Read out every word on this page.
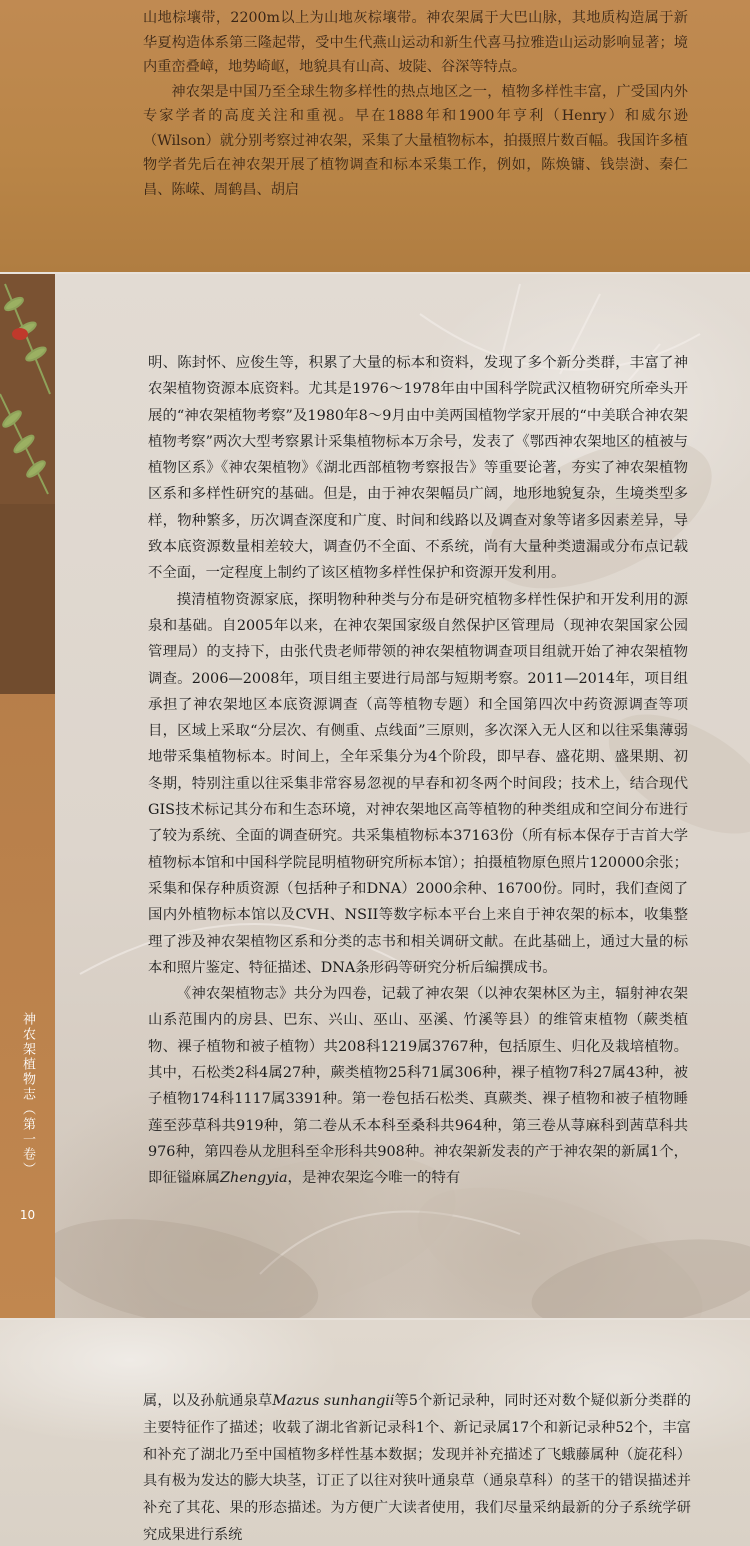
山地棕壤带，2200m以上为山地灰棕壤带。神农架属于大巴山脉，其地质构造属于新华夏构造体系第三隆起带，受中生代燕山运动和新生代喜马拉雅造山运动影响显著；境内重峦叠嶂，地势崎岖，地貌具有山高、坡陡、谷深等特点。

神农架是中国乃至全球生物多样性的热点地区之一，植物多样性丰富，广受国内外专家学者的高度关注和重视。早在1888年和1900年亨利（Henry）和威尔逊（Wilson）就分别考察过神农架，采集了大量植物标本，拍摄照片数百幅。我国许多植物学者先后在神农架开展了植物调查和标本采集工作，例如，陈焕镛、钱崇澍、秦仁昌、陈嵘、周鹤昌、胡启

神农架植物志（第一卷）
10

明、陈封怀、应俊生等，积累了大量的标本和资料，发现了多个新分类群，丰富了神农架植物资源本底资料。尤其是1976～1978年由中国科学院武汉植物研究所牵头开展的“神农架植物考察”及1980年8～9月由中美两国植物学家开展的“中美联合神农架植物考察”两次大型考察累计采集植物标本万余号，发表了《鄂西神农架地区的植被与植物区系》《神农架植物》《湖北西部植物考察报告》等重要论著，夯实了神农架植物区系和多样性研究的基础。但是，由于神农架幅员广阔，地形地貌复杂，生境类型多样，物种繁多，历次调查深度和广度、时间和线路以及调查对象等诸多因素差异，导致本底资源数量相差较大，调查仍不全面、不系统，尚有大量种类遗漏或分布点记载不全面，一定程度上制约了该区植物多样性保护和资源开发利用。

摸清植物资源家底，探明物种种类与分布是研究植物多样性保护和开发利用的源泉和基础。自2005年以来，在神农架国家级自然保护区管理局（现神农架国家公园管理局）的支持下，由张代贵老师带领的神农架植物调查项目组就开始了神农架植物调查。2006—2008年，项目组主要进行局部与短期考察。2011—2014年，项目组承担了神农架地区本底资源调查（高等植物专题）和全国第四次中药资源调查等项目，区域上采取“分层次、有侧重、点线面”三原则，多次深入无人区和以往采集薄弱地带采集植物标本。时间上，全年采集分为4个阶段，即早春、盛花期、盛果期、初冬期，特别注重以往采集非常容易忽视的早春和初冬两个时间段；技术上，结合现代GIS技术标记其分布和生态环境，对神农架地区高等植物的种类组成和空间分布进行了较为系统、全面的调查研究。共采集植物标本37163份（所有标本保存于吉首大学植物标本馆和中国科学院昆明植物研究所标本馆）；拍摄植物原色照片120000余张；采集和保存种质资源（包括种子和DNA）2000余种、16700份。同时，我们查阅了国内外植物标本馆以及CVH、NSII等数字标本平台上来自于神农架的标本，收集整理了涉及神农架植物区系和分类的志书和相关调研文献。在此基础上，通过大量的标本和照片鉴定、特征描述、DNA条形码等研究分析后编撰成书。

《神农架植物志》共分为四卷，记载了神农架（以神农架林区为主，辐射神农架山系范围内的房县、巴东、兴山、巫山、巫溪、竹溪等县）的维管束植物（蕨类植物、裸子植物和被子植物）共208科1219属3767种，包括原生、归化及栽培植物。其中，石松类2科4属27种，蕨类植物25科71属306种，裸子植物7科27属43种，被子植物174科1117属3391种。第一卷包括石松类、真蕨类、裸子植物和被子植物睡莲至莎草科共919种，第二卷从禾本科至桑科共964种，第三卷从荨麻科到茜草科共976种，第四卷从龙胆科至伞形科共908种。神农架新发表的产于神农架的新属1个，即征镒麻属Zhengyia，是神农架迄今唯一的特有

属，以及孙航通泉草Mazus sunhangii等5个新记录种，同时还对数个疑似新分类群的主要特征作了描述；收载了湖北省新记录科1个、新记录属17个和新记录种52个，丰富和补充了湖北乃至中国植物多样性基本数据；发现并补充描述了飞蛾藤属种（旋花科）具有极为发达的膨大块茎，订正了以往对狭叶通泉草（通泉草科）的茎干的错误描述并补充了其花、果的形态描述。为方便广大读者使用，我们尽量采纳最新的分子系统学研究成果进行系统
